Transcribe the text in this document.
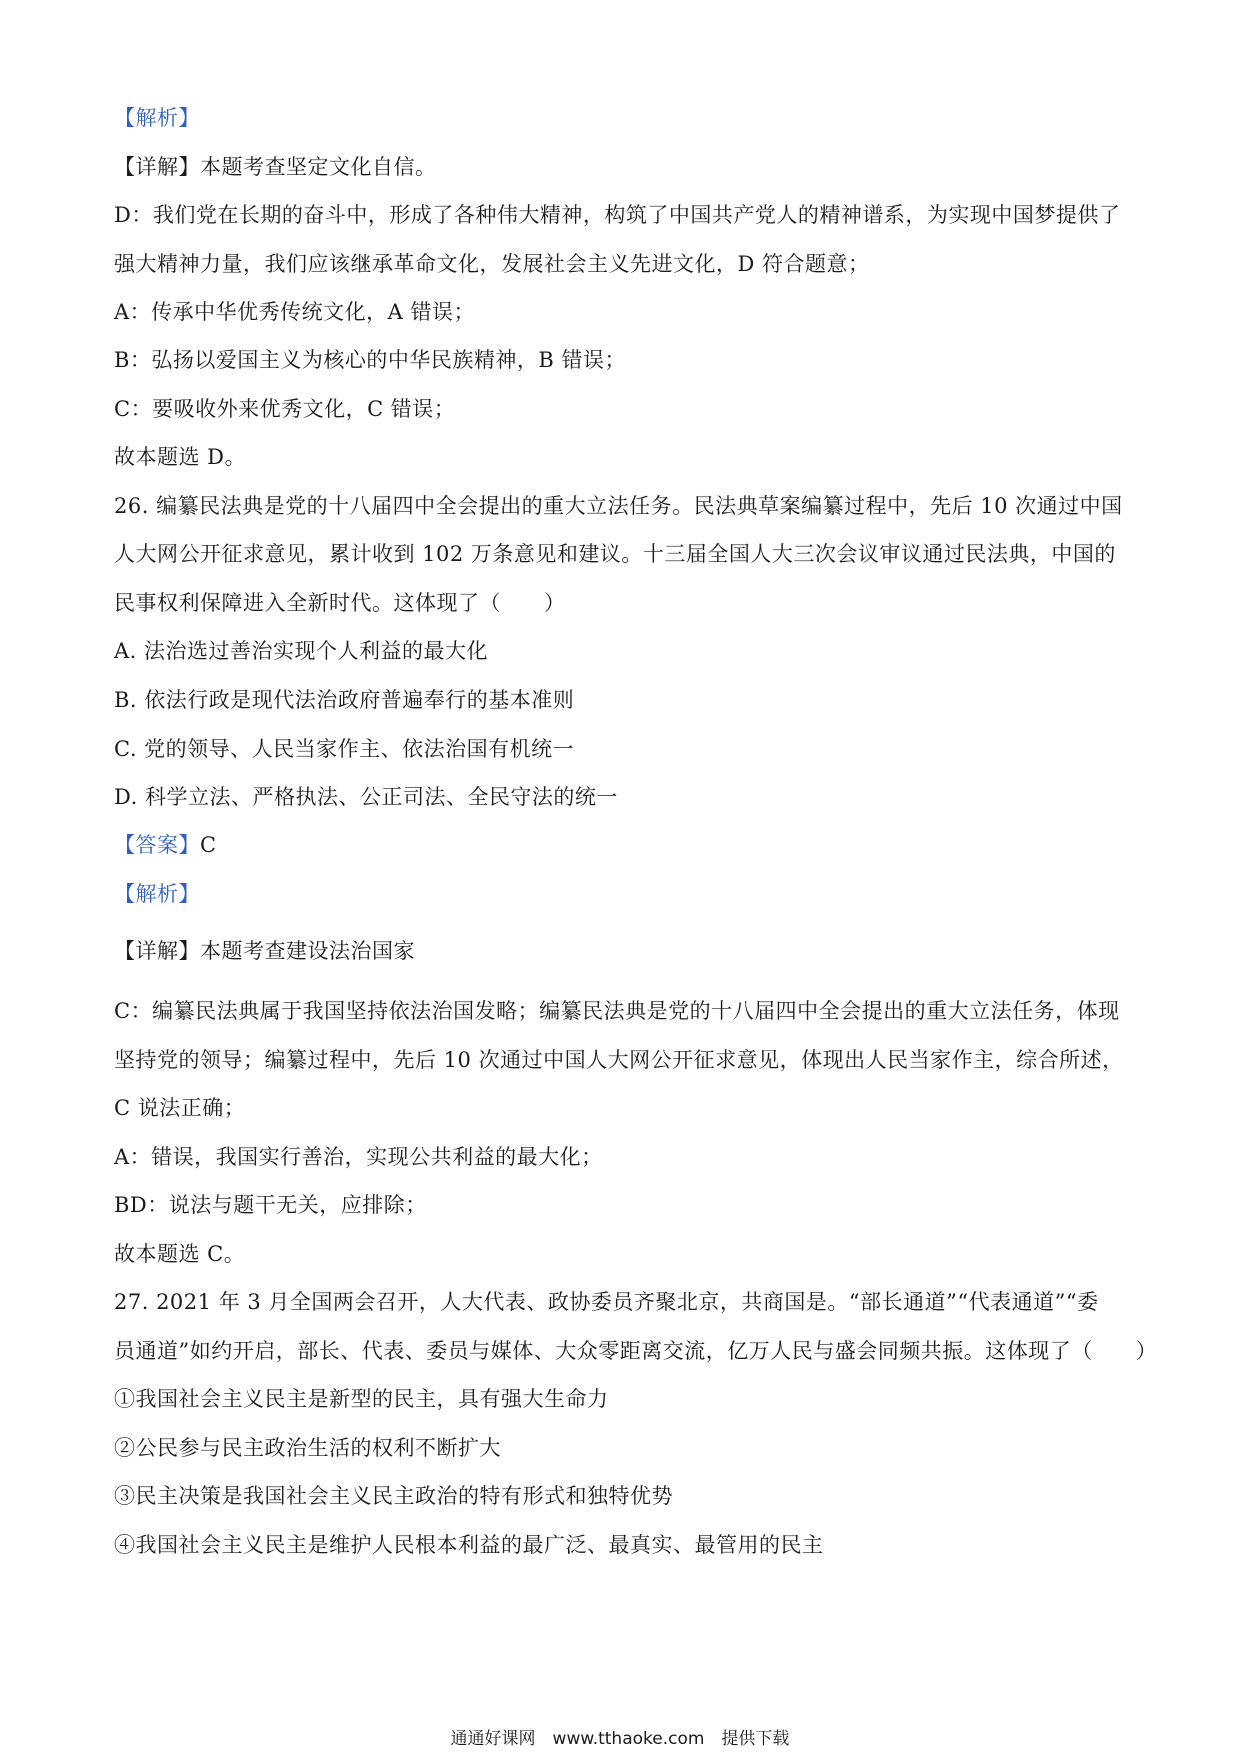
【解析】
【详解】本题考查坚定文化自信。
D：我们党在长期的奋斗中，形成了各种伟大精神，构筑了中国共产党人的精神谱系，为实现中国梦提供了
强大精神力量，我们应该继承革命文化，发展社会主义先进文化，D 符合题意；
A：传承中华优秀传统文化，A 错误；
B：弘扬以爱国主义为核心的中华民族精神，B 错误；
C：要吸收外来优秀文化，C 错误；
故本题选 D。
26. 编纂民法典是党的十八届四中全会提出的重大立法任务。民法典草案编纂过程中，先后 10 次通过中国
人大网公开征求意见，累计收到 102 万条意见和建议。十三届全国人大三次会议审议通过民法典，中国的
民事权利保障进入全新时代。这体现了（　　）
A. 法治选过善治实现个人利益的最大化
B. 依法行政是现代法治政府普遍奉行的基本准则
C. 党的领导、人民当家作主、依法治国有机统一
D. 科学立法、严格执法、公正司法、全民守法的统一
【答案】C
【解析】
【详解】本题考查建设法治国家
C：编纂民法典属于我国坚持依法治国发略；编纂民法典是党的十八届四中全会提出的重大立法任务，体现
坚持党的领导；编纂过程中，先后 10 次通过中国人大网公开征求意见，体现出人民当家作主，综合所述，
C 说法正确；
A：错误，我国实行善治，实现公共利益的最大化；
BD：说法与题干无关，应排除；
故本题选 C。
27. 2021 年 3 月全国两会召开，人大代表、政协委员齐聚北京，共商国是。“部长通道”“代表通道”“委
员通道”如约开启，部长、代表、委员与媒体、大众零距离交流，亿万人民与盛会同频共振。这体现了（　　）
①我国社会主义民主是新型的民主，具有强大生命力
②公民参与民主政治生活的权利不断扩大
③民主决策是我国社会主义民主政治的特有形式和独特优势
④我国社会主义民主是维护人民根本利益的最广泛、最真实、最管用的民主
通通好课网　www.tthaoke.com　提供下载
